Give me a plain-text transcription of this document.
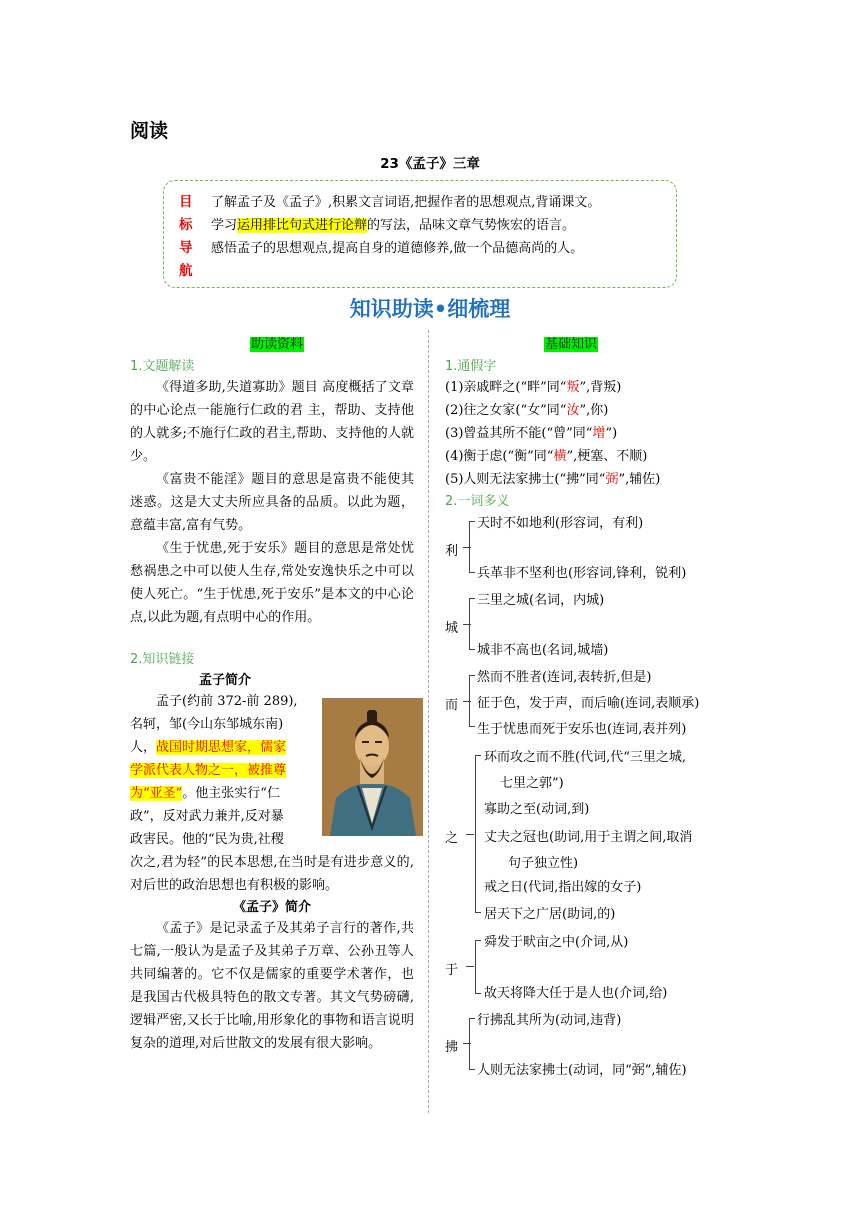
阅读
23《孟子》三章
目
标
导
航
了解孟子及《孟子》,积累文言词语,把握作者的思想观点,背诵课文。
学习运用排比句式进行论辩的写法，品味文章气势恢宏的语言。
感悟孟子的思想观点,提高自身的道德修养,做一个品德高尚的人。
知识助读•细梳理
助读资料
1.文题解读
《得道多助,失道寡助》题目 高度概括了文章的中心论点一能施行仁政的君 主，帮助、支持他的人就多;不施行仁政的君主,帮助、支持他的人就少。
《富贵不能淫》题目的意思是富贵不能使其迷惑。这是大丈夫所应具备的品质。以此为题，意蕴丰富,富有气势。
《生于忧患,死于安乐》题目的意思是常处忧愁祸患之中可以使人生存,常处安逸快乐之中可以使人死亡。“生于忧患,死于安乐”是本文的中心论点,以此为题,有点明中心的作用。
2.知识链接
孟子简介
孟子(约前 372-前 289),
名轲，邹(今山东邹城东南)
人，战国时期思想家，儒家
学派代表人物之一，被推尊
为“亚圣”。他主张实行“仁
政”，反对武力兼并,反对暴
政害民。他的“民为贵,社稷
次之,君为轻”的民本思想,在当时是有进步意义的,对后世的政治思想也有积极的影响。
《孟子》简介
《孟子》是记录孟子及其弟子言行的著作,共七篇,一般认为是孟子及其弟子万章、公孙丑等人共同编著的。它不仅是儒家的重要学术著作，也是我国古代极具特色的散文专著。其文气势磅礴,逻辑严密,又长于比喻,用形象化的事物和语言说明复杂的道理,对后世散文的发展有很大影响。
基础知识
1.通假字
(1)亲戚畔之(“畔”同“叛”,背叛)
(2)往之女家(“女”同“汝”,你)
(3)曾益其所不能(“曾”同“增”)
(4)衡于虑(“衡”同“横”,梗塞、不顺)
(5)人则无法家拂士(“拂”同“弼”,辅佐)
2.一词多义
利
天时不如地利(形容词，有利)
兵革非不坚利也(形容词,锋利，锐利)
城
三里之城(名词，内城)
城非不高也(名词,城墙)
而
然而不胜者(连词,表转折,但是)
征于色，发于声，而后喻(连词,表顺承)
生于忧患而死于安乐也(连词,表并列)
之
环而攻之而不胜(代词,代“三里之城,
七里之郭”)
寡助之至(动词,到)
丈夫之冠也(助词,用于主谓之间,取消
句子独立性)
戒之日(代词,指出嫁的女子)
居天下之广居(助词,的)
于
舜发于畎亩之中(介词,从)
故天将降大任于是人也(介词,给)
拂
行拂乱其所为(动词,违背)
人则无法家拂士(动词，同“弼”,辅佐)
